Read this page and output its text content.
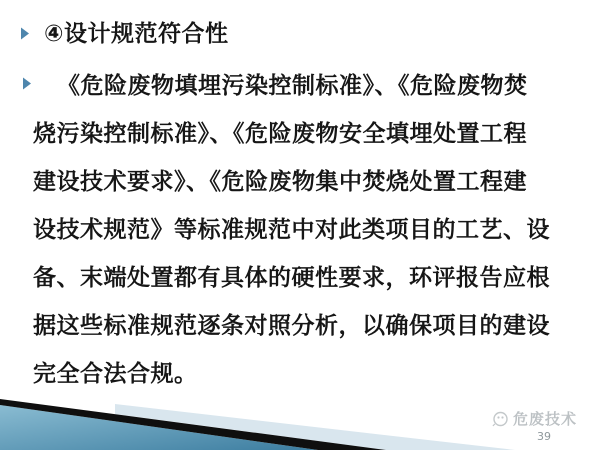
④设计规范符合性
《危险废物填埋污染控制标准》、《危险废物焚
烧污染控制标准》、《危险废物安全填埋处置工程
建设技术要求》、《危险废物集中焚烧处置工程建
设技术规范》等标准规范中对此类项目的工艺、设
备、末端处置都有具体的硬性要求，环评报告应根
据这些标准规范逐条对照分析，以确保项目的建设
完全合法合规。
危废技术
39
